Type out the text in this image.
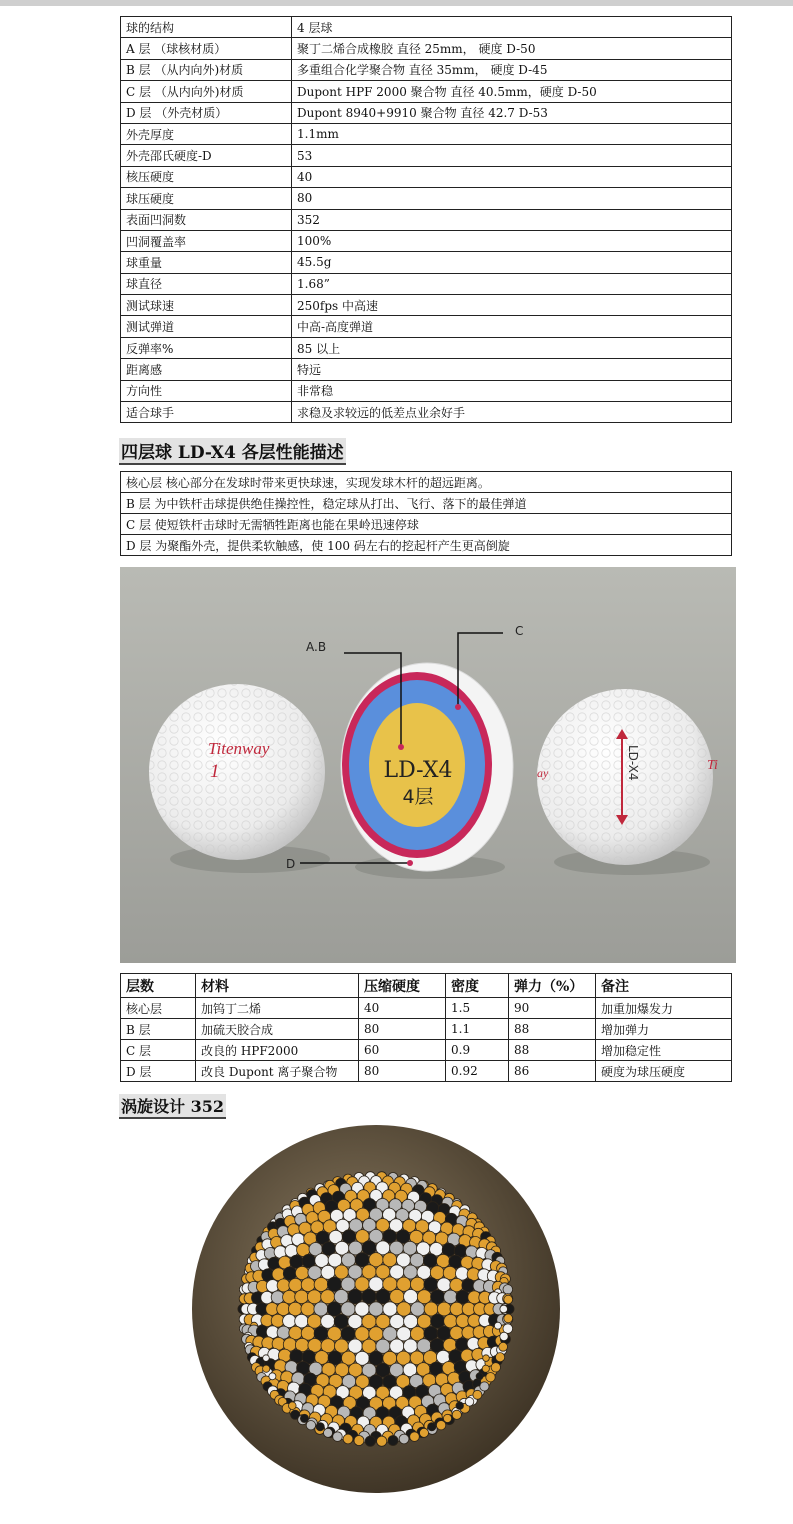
球的结构	4 层球
A 层 （球核材质）	聚丁二烯合成橡胶 直径 25mm， 硬度 D-50
B 层 （从内向外)材质	多重组合化学聚合物 直径 35mm， 硬度 D-45
C 层 （从内向外)材质	Dupont HPF 2000 聚合物 直径 40.5mm，硬度 D-50
D 层 （外壳材质）	Dupont 8940+9910 聚合物 直径 42.7 D-53
外壳厚度	1.1mm
外壳邵氏硬度-D	53
核压硬度	40
球压硬度	80
表面凹洞数	352
凹洞覆盖率	100%
球重量	45.5g
球直径	1.68”
测试球速	250fps 中高速
测试弹道	中高-高度弹道
反弹率%	85 以上
距离感	特远
方向性	非常稳
适合球手	求稳及求较远的低差点业余好手
四层球 LD-X4 各层性能描述
核心层 核心部分在发球时带来更快球速，实现发球木杆的超远距离。
B 层 为中铁杆击球提供绝佳操控性，稳定球从打出、飞行、落下的最佳弹道
C 层 使短铁杆击球时无需牺牲距离也能在果岭迅速停球
D 层 为聚酯外壳，提供柔软触感，使 100 码左右的挖起杆产生更高倒旋
Titenway
1	LD-X4
4层
LD-X4	Ti
ay
A.B
C
D
层数	材料	压缩硬度	密度	弹力（%）	备注
核心层	加钨丁二烯	40	1.5	90	加重加爆发力
B 层	加硫天胶合成	80	1.1	88	增加弹力
C 层	改良的 HPF2000	60	0.9	88	增加稳定性
D 层	改良 Dupont 离子聚合物	80	0.92	86	硬度为球压硬度
涡旋设计 352
